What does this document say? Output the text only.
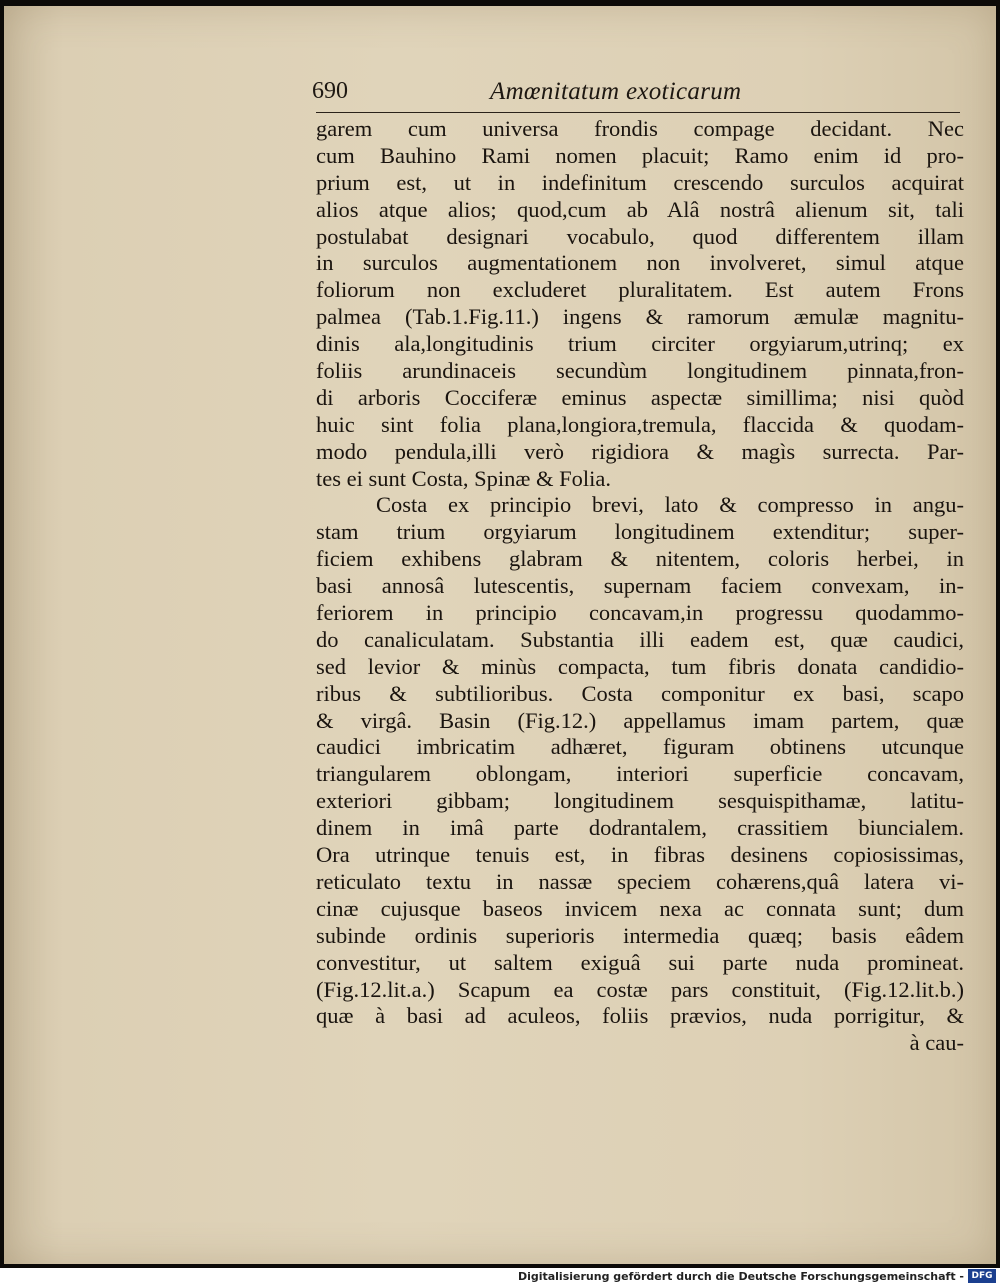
690	Amœnitatum exoticarum
garem cum universa frondis compage decidant. Nec
cum Bauhino Rami nomen placuit; Ramo enim id pro-
prium est, ut in indefinitum crescendo surculos acquirat
alios atque alios; quod,cum ab Alâ nostrâ alienum sit, tali
postulabat designari vocabulo, quod differentem illam
in surculos augmentationem non involveret, simul atque
foliorum non excluderet pluralitatem. Est autem Frons
palmea (Tab.1.Fig.11.) ingens & ramorum æmulæ magnitu-
dinis ala,longitudinis trium circiter orgyiarum,utrinq; ex
foliis arundinaceis secundùm longitudinem pinnata,fron-
di arboris Cocciferæ eminus aspectæ simillima; nisi quòd
huic sint folia plana,longiora,tremula, flaccida & quodam-
modo pendula,illi verò rigidiora & magìs surrecta. Par-
tes ei sunt Costa, Spinæ & Folia.
Costa ex principio brevi, lato & compresso in angu-
stam trium orgyiarum longitudinem extenditur; super-
ficiem exhibens glabram & nitentem, coloris herbei, in
basi annosâ lutescentis, supernam faciem convexam, in-
feriorem in principio concavam,in progressu quodammo-
do canaliculatam. Substantia illi eadem est, quæ caudici,
sed levior & minùs compacta, tum fibris donata candidio-
ribus & subtilioribus. Costa componitur ex basi, scapo
& virgâ. Basin (Fig.12.) appellamus imam partem, quæ
caudici imbricatim adhæret, figuram obtinens utcunque
triangularem oblongam, interiori superficie concavam,
exteriori gibbam; longitudinem sesquispithamæ, latitu-
dinem in imâ parte dodrantalem, crassitiem biuncialem.
Ora utrinque tenuis est, in fibras desinens copiosissimas,
reticulato textu in nassæ speciem cohærens,quâ latera vi-
cinæ cujusque baseos invicem nexa ac connata sunt; dum
subinde ordinis superioris intermedia quæq; basis eâdem
convestitur, ut saltem exiguâ sui parte nuda promineat.
(Fig.12.lit.a.) Scapum ea costæ pars constituit, (Fig.12.lit.b.)
quæ à basi ad aculeos, foliis prævios, nuda porrigitur, &
à cau-
Digitalisierung gefördert durch die Deutsche Forschungsgemeinschaft - DFG
